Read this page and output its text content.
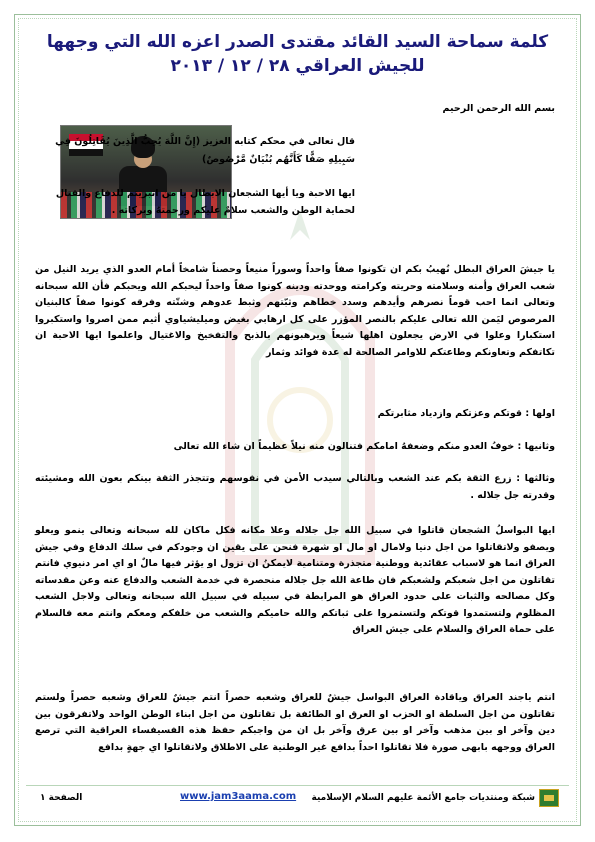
كلمة سماحة السيد القائد مقتدى الصدر اعزه الله التي وجهها
للجيش العراقي ٢٨ / ١٢ / ٢٠١٣
بسم الله الرحمن الرحيم
قال تعالى في محكم كتابه العزيز (إِنَّ اللَّهَ يُحِبُّ الَّذِينَ يُقَاتِلُونَ فِي سَبِيلِهِ صَفًّا كَأَنَّهُم بُنْيَانٌ مَّرْصُوصٌ)
ايها الاحبة ويا أيها الشجعان الابطال يا من انبريتم للدفاع والقتال لحماية الوطن والشعب سلامٌ عليكم ورحمتهُ وبركاته .
يا جيشَ العراق البطل نُهيبُ بكم ان تكونوا صفاً واحداً وسوراً منيعاً وحصناً شامخاً أمام العدو الذي يريد النيل من شعب العراق وأمنه وسلامته وحريته وكرامته ووحدته ودينه كونوا صفاً واحداً ليحبكم الله ويحبكم فأن الله سبحانه وتعالى انما احب قوماً نصرهم وأيدهم وسدد خطاهم وثبّتهم وثبط عدوهم وشتّته وفرقه كونوا صفاً كالبنيان المرصوص ليَمن الله تعالى عليكم بالنصر المؤزر على كل ارهابي بغيض وميليشياوي أثيم ممن اصروا واستكبروا استكبارا وعلوا في الارض يجعلون اهلها شيعاً ويرهبونهم بالذبح والتفخيخ والاغتيال واعلموا ايها الاحبة ان تكاتفكم وتعاونكم وطاعتكم للاوامر الصالحة له عدة فوائد وثمار
اولها : قوتكم وعزتكم وازدياد مثابرتكم
وثانيها : خوفُ العدو منكم وضعفهُ امامكم فتنالون منه نيلاً عظيماً ان شاء الله تعالى
وثالثها : زرع الثقة بكم عند الشعب وبالتالي سيدب الأمن في نفوسهم وتتجذر الثقة بينكم بعون الله ومشيئته وقدرته جل جلاله .
ايها البواسلُ الشجعان قاتلوا في سبيل الله جل جلاله وعلا مكانه فكل ماكان لله سبحانه وتعالى ينمو ويعلو ويصفو ولاتقاتلوا من اجل دنيا ولامال او مال او شهرة فنحن على يقين ان وجودكم في سلك الدفاع وفي جيش العراق انما هو لاسباب عقائدية ووطنية متجذرة ومتنامية لايمكنُ ان تزول او يؤثر فيها مالٌ او اي امر دنيوي فانتم تقاتلون من اجل شعبكم ولشعبكم فان طاعة الله جل جلاله منحصرة في خدمة الشعب والدفاع عنه وعن مقدساته وكل مصالحه والثبات على حدود العراق هو المرابطة في سبيله في سبيل الله سبحانه وتعالى ولاجل الشعب المظلوم ولتستمدوا قوتكم ولتستمروا على ثباتكم والله حاميكم والشعب من خلفكم ومعكم وانتم معه فالسلام على حماة العراق والسلام على جيش العراق
انتم ياجند العراق وياقادة العراق البواسل جيشٌ للعراق وشعبه حصراً انتم جيشٌ للعراق وشعبه حصراً ولستم تقاتلون من اجل السلطة او الحزب او العرق او الطائفة بل تقاتلون من اجل ابناء الوطن الواحد ولاتفرقون بين دين وآخر او بين مذهب وآخر او بين عرق وآخر بل ان من واجبكم حفظ هذه الفسيفساء العراقية التي ترصع العراق ووجهه بابهى صورة فلا تقاتلوا احداً بدافع غير الوطنية على الاطلاق ولاتقاتلوا اي جهةٍ بدافع
شبكة ومنتديات جامع الأئمة عليهم السلام الإسلامية
www.jam3aama.com
الصفحة ١
